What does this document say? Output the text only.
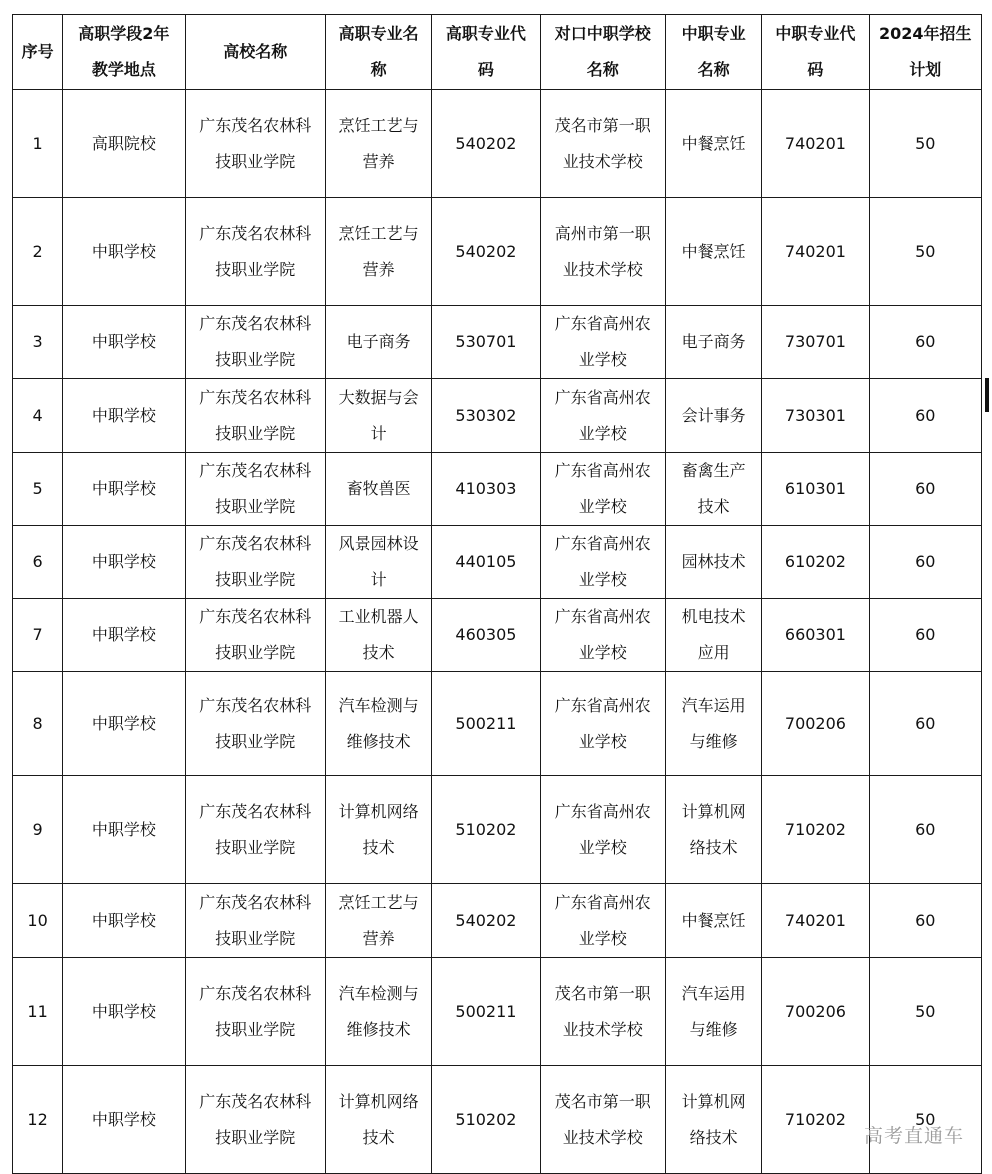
序号	高职学段2年教学地点	高校名称	高职专业名称	高职专业代码	对口中职学校名称	中职专业名称	中职专业代码	2024年招生计划
1	高职院校	广东茂名农林科技职业学院	烹饪工艺与营养	540202	茂名市第一职业技术学校	中餐烹饪	740201	50
2	中职学校	广东茂名农林科技职业学院	烹饪工艺与营养	540202	高州市第一职业技术学校	中餐烹饪	740201	50
3	中职学校	广东茂名农林科技职业学院	电子商务	530701	广东省高州农业学校	电子商务	730701	60
4	中职学校	广东茂名农林科技职业学院	大数据与会计	530302	广东省高州农业学校	会计事务	730301	60
5	中职学校	广东茂名农林科技职业学院	畜牧兽医	410303	广东省高州农业学校	畜禽生产技术	610301	60
6	中职学校	广东茂名农林科技职业学院	风景园林设计	440105	广东省高州农业学校	园林技术	610202	60
7	中职学校	广东茂名农林科技职业学院	工业机器人技术	460305	广东省高州农业学校	机电技术应用	660301	60
8	中职学校	广东茂名农林科技职业学院	汽车检测与维修技术	500211	广东省高州农业学校	汽车运用与维修	700206	60
9	中职学校	广东茂名农林科技职业学院	计算机网络技术	510202	广东省高州农业学校	计算机网络技术	710202	60
10	中职学校	广东茂名农林科技职业学院	烹饪工艺与营养	540202	广东省高州农业学校	中餐烹饪	740201	60
11	中职学校	广东茂名农林科技职业学院	汽车检测与维修技术	500211	茂名市第一职业技术学校	汽车运用与维修	700206	50
12	中职学校	广东茂名农林科技职业学院	计算机网络技术	510202	茂名市第一职业技术学校	计算机网络技术	710202	50
高考直通车
